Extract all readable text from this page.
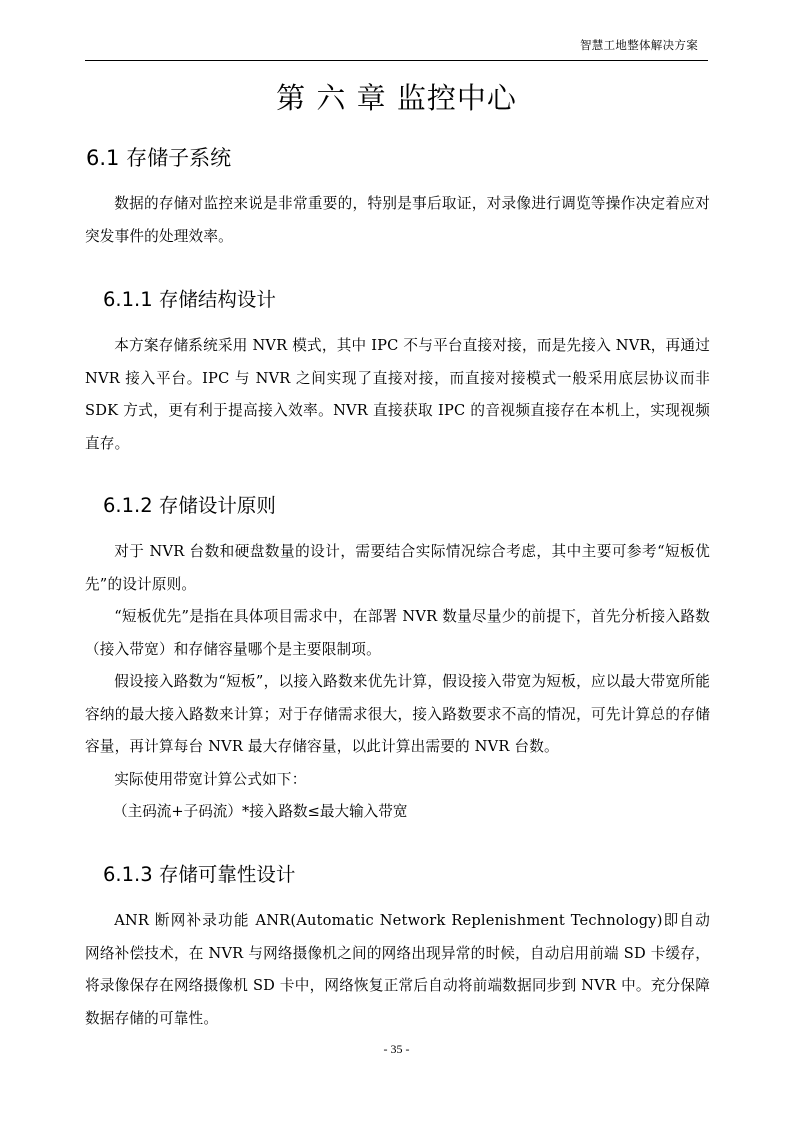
智慧工地整体解决方案
第 六 章 监控中心
6.1 存储子系统

数据的存储对监控来说是非常重要的，特别是事后取证，对录像进行调览等操作决定着应对突发事件的处理效率。

6.1.1 存储结构设计

本方案存储系统采用 NVR 模式，其中 IPC 不与平台直接对接，而是先接入 NVR，再通过 NVR 接入平台。IPC 与 NVR 之间实现了直接对接，而直接对接模式一般采用底层协议而非 SDK 方式，更有利于提高接入效率。NVR 直接获取 IPC 的音视频直接存在本机上，实现视频直存。

6.1.2 存储设计原则

对于 NVR 台数和硬盘数量的设计，需要结合实际情况综合考虑，其中主要可参考“短板优先”的设计原则。

“短板优先”是指在具体项目需求中，在部署 NVR 数量尽量少的前提下，首先分析接入路数（接入带宽）和存储容量哪个是主要限制项。

假设接入路数为“短板”，以接入路数来优先计算，假设接入带宽为短板，应以最大带宽所能容纳的最大接入路数来计算；对于存储需求很大，接入路数要求不高的情况，可先计算总的存储容量，再计算每台 NVR 最大存储容量，以此计算出需要的 NVR 台数。

实际使用带宽计算公式如下：

（主码流+子码流）*接入路数≤最大输入带宽

6.1.3 存储可靠性设计

ANR 断网补录功能 ANR(Automatic Network Replenishment Technology)即自动网络补偿技术，在 NVR 与网络摄像机之间的网络出现异常的时候，自动启用前端 SD 卡缓存，将录像保存在网络摄像机 SD 卡中，网络恢复正常后自动将前端数据同步到 NVR 中。充分保障数据存储的可靠性。

- 35 -
